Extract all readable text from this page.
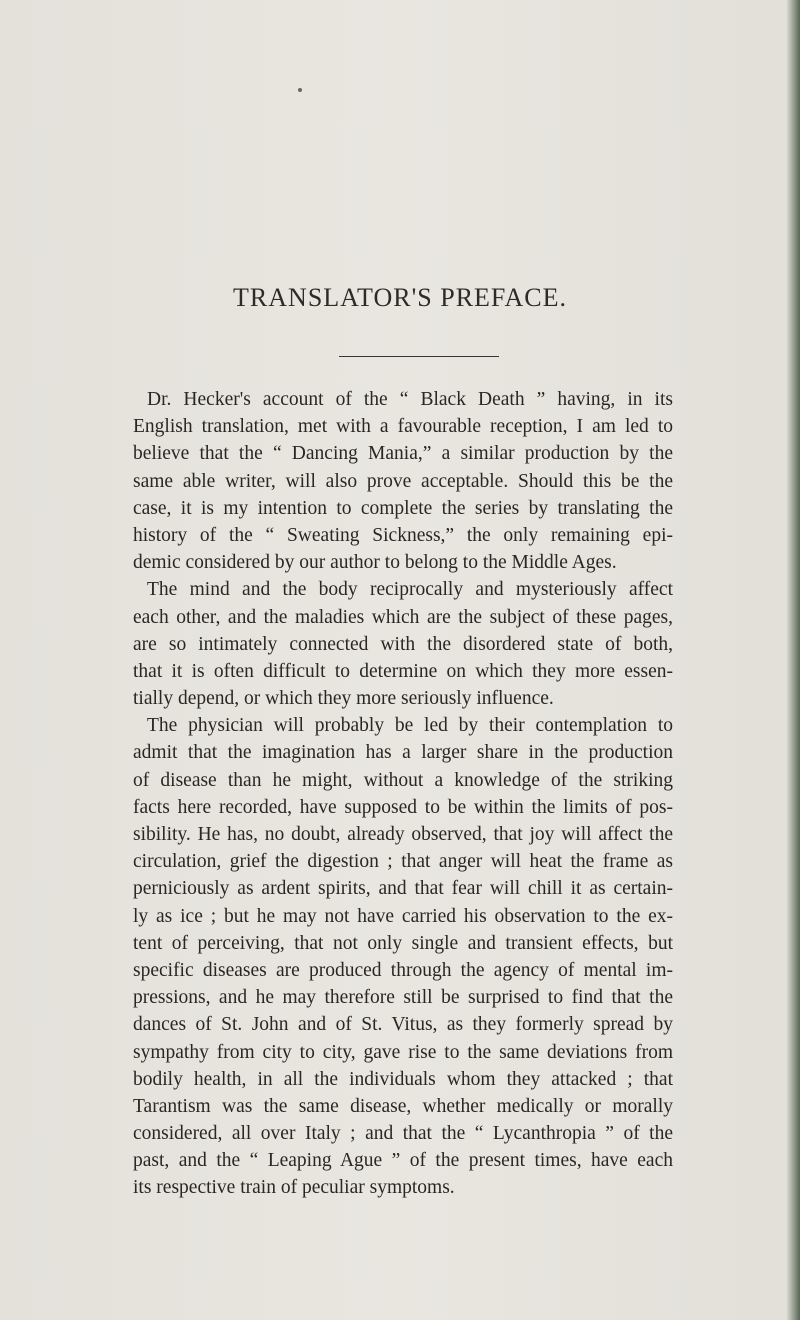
TRANSLATOR'S PREFACE.
Dr. Hecker's account of the “ Black Death ” having, in its
English translation, met with a favourable reception, I am led to
believe that the “ Dancing Mania,” a similar production by the
same able writer, will also prove acceptable. Should this be the
case, it is my intention to complete the series by translating the
history of the “ Sweating Sickness,” the only remaining epi-
demic considered by our author to belong to the Middle Ages.
The mind and the body reciprocally and mysteriously affect
each other, and the maladies which are the subject of these pages,
are so intimately connected with the disordered state of both,
that it is often difficult to determine on which they more essen-
tially depend, or which they more seriously influence.
The physician will probably be led by their contemplation to
admit that the imagination has a larger share in the production
of disease than he might, without a knowledge of the striking
facts here recorded, have supposed to be within the limits of pos-
sibility. He has, no doubt, already observed, that joy will affect the
circulation, grief the digestion ; that anger will heat the frame as
perniciously as ardent spirits, and that fear will chill it as certain-
ly as ice ; but he may not have carried his observation to the ex-
tent of perceiving, that not only single and transient effects, but
specific diseases are produced through the agency of mental im-
pressions, and he may therefore still be surprised to find that the
dances of St. John and of St. Vitus, as they formerly spread by
sympathy from city to city, gave rise to the same deviations from
bodily health, in all the individuals whom they attacked ; that
Tarantism was the same disease, whether medically or morally
considered, all over Italy ; and that the “ Lycanthropia ” of the
past, and the “ Leaping Ague ” of the present times, have each
its respective train of peculiar symptoms.
